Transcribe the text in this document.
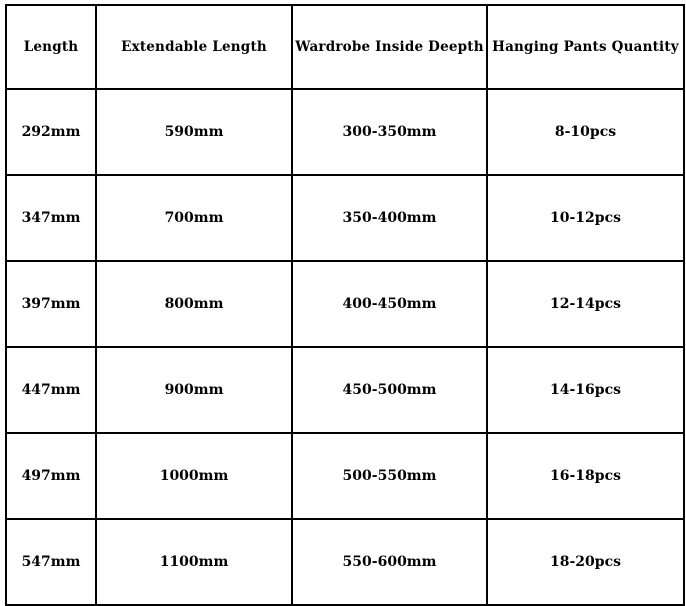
Length	Extendable Length	Wardrobe Inside Deepth	Hanging Pants Quantity
292mm	590mm	300-350mm	8-10pcs
347mm	700mm	350-400mm	10-12pcs
397mm	800mm	400-450mm	12-14pcs
447mm	900mm	450-500mm	14-16pcs
497mm	1000mm	500-550mm	16-18pcs
547mm	1100mm	550-600mm	18-20pcs
